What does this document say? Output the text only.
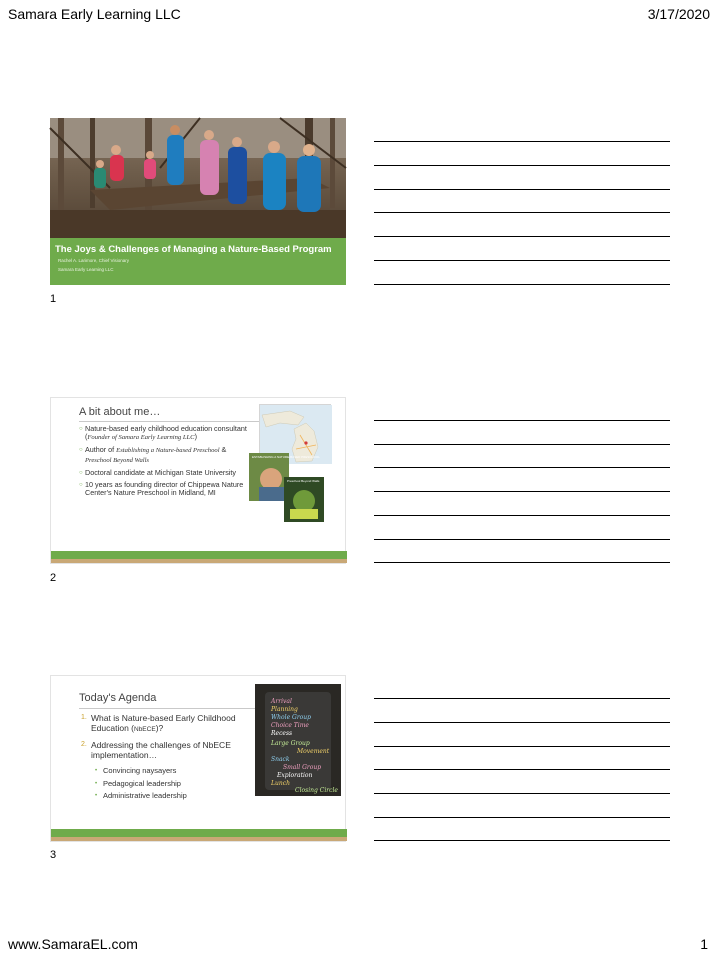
Samara Early Learning LLC	3/17/2020
The Joys & Challenges of Managing a Nature-Based Program
Rachel A. Larimore, Chief Visionary
Samara Early Learning LLC
1
A bit about me…
○ Nature-based early childhood education consultant (Founder of Samara Early Learning LLC)
○ Author of Establishing a Nature-based Preschool & Preschool Beyond Walls
○ Doctoral candidate at Michigan State University
○ 10 years as founding director of Chippewa Nature Center's Nature Preschool in Midland, MI
ESTABLISHING A NATURE-BASED PRESCHOOL
Preschool Beyond Walls
2
Today's Agenda
1. What is Nature-based Early Childhood Education (NbECE)?
2. Addressing the challenges of NbECE implementation…
• Convincing naysayers
• Pedagogical leadership
• Administrative leadership
Arrival
Planning
Whole Group
Choice Time
Recess
Large Group
Movement
Snack
Small Group
Exploration
Lunch
Closing Circle
3
www.SamaraEL.com	1
